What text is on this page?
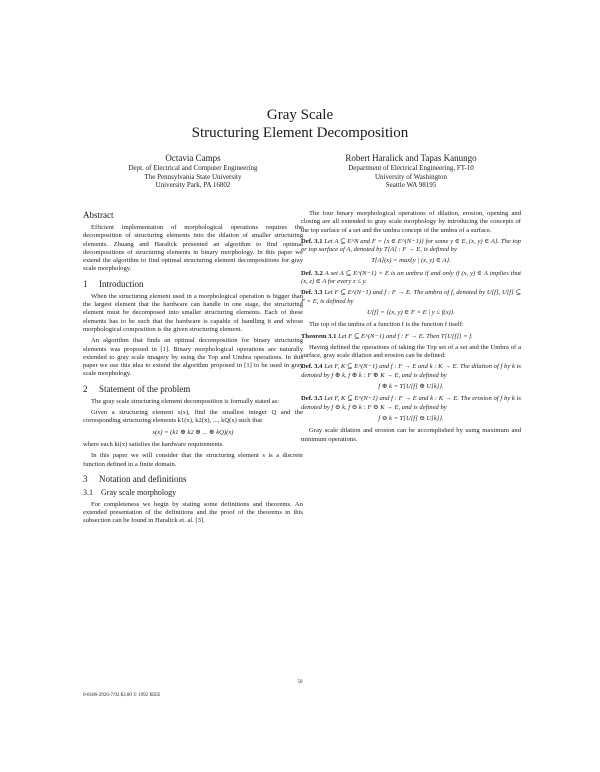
Gray Scale
Structuring Element Decomposition
Octavia Camps
Dept. of Electrical and Computer Engineering
The Pennsylvania State University
University Park, PA 16802
Robert Haralick and Tapas Kanungo
Department of Electrical Engineering, FT-10
University of Washington
Seattle WA 98195
Abstract

Efficient implementation of morphological operations requires the decomposition of structuring elements into the dilation of smaller structuring elements. Zhuang and Haralick presented an algorithm to find optimal decompositions of structuring elements in binary morphology. In this paper we extend the algorithm to find optimal structuring element decompositions for gray scale morphology.

1 Introduction

When the structuring element used in a morphological operation is bigger than the largest element that the hardware can handle in one stage, the structuring element must be decomposed into smaller structuring elements. Each of these elements has to be such that the hardware is capable of handling it and whose morphological composition is the given structuring element.

An algorithm that finds an optimal decomposition for binary structuring elements was proposed in [1]. Binary morphological operations are naturally extended to gray scale imagery by using the Top and Umbra operations. In this paper we use this idea to extend the algorithm proposed in [1] to be used in gray scale morphology.

2 Statement of the problem

The gray scale structuring element decomposition is formally stated as:

Given a structuring element s(x), find the smallest integer Q and the corresponding structuring elements k1(x), k2(x), ..., kQ(x) such that

s(x) = (k1 ⊕ k2 ⊕ ... ⊕ kQ)(x)

where each ki(x) satisfies the hardware requirements.

In this paper we will consider that the structuring element s is a discrete function defined in a finite domain.

3 Notation and definitions
3.1 Gray scale morphology

For completeness we begin by stating some definitions and theorems. An extended presentation of the definitions and the proof of the theorems in this subsection can be found in Haralick et. al. [3].

The four binary morphological operations of dilation, erosion, opening and closing are all extended to gray scale morphology by introducing the concepts of the top surface of a set and the umbra concept of the umbra of a surface.

Def. 3.1 Let A ⊆ E^N and F = {x ∈ E^(N−1)} for some y ∈ E, (x, y) ∈ A}. The top or top surface of A, denoted by T[A] : F → E, is defined by
T[A](x) = max{y | (x, y) ∈ A}.
Def. 3.2 A set A ⊆ E^(N−1) × E is an umbra if and only if (x, y) ∈ A implies that (x, z) ∈ A for every z ≤ y.
Def. 3.3 Let F ⊆ E^(N−1) and f : F → E. The umbra of f, denoted by U[f], U[f] ⊆ F × E, is defined by
U[f] = {(x, y) ∈ F × E | y ≤ f(x)}.

The top of the umbra of a function f is the function f itself:

Theorem 3.1 Let F ⊆ E^(N−1) and f : F → E. Then T[U[f]] = f.

Having defined the operations of taking the Top set of a set and the Umbra of a surface, gray scale dilation and erosion can be defined:

Def. 3.4 Let F, K ⊆ E^(N−1) and f : F → E and k : K → E. The dilation of f by k is denoted by f ⊕ k, f ⊕ k : F ⊕ K → E, and is defined by
f ⊕ k = T{U[f] ⊕ U[k]}.
Def. 3.5 Let F, K ⊆ E^(N−1) and f : F → E and k : K → E. The erosion of f by k is denoted by f ⊖ k, f ⊖ k : F ⊖ K → E, and is defined by
f ⊖ k = T{U[f] ⊖ U[k]}.

Gray scale dilation and erosion can be accomplished by using maximum and minimum operations.

50
0-8186-2920-7/92 $3.00 © 1992 IEEE
